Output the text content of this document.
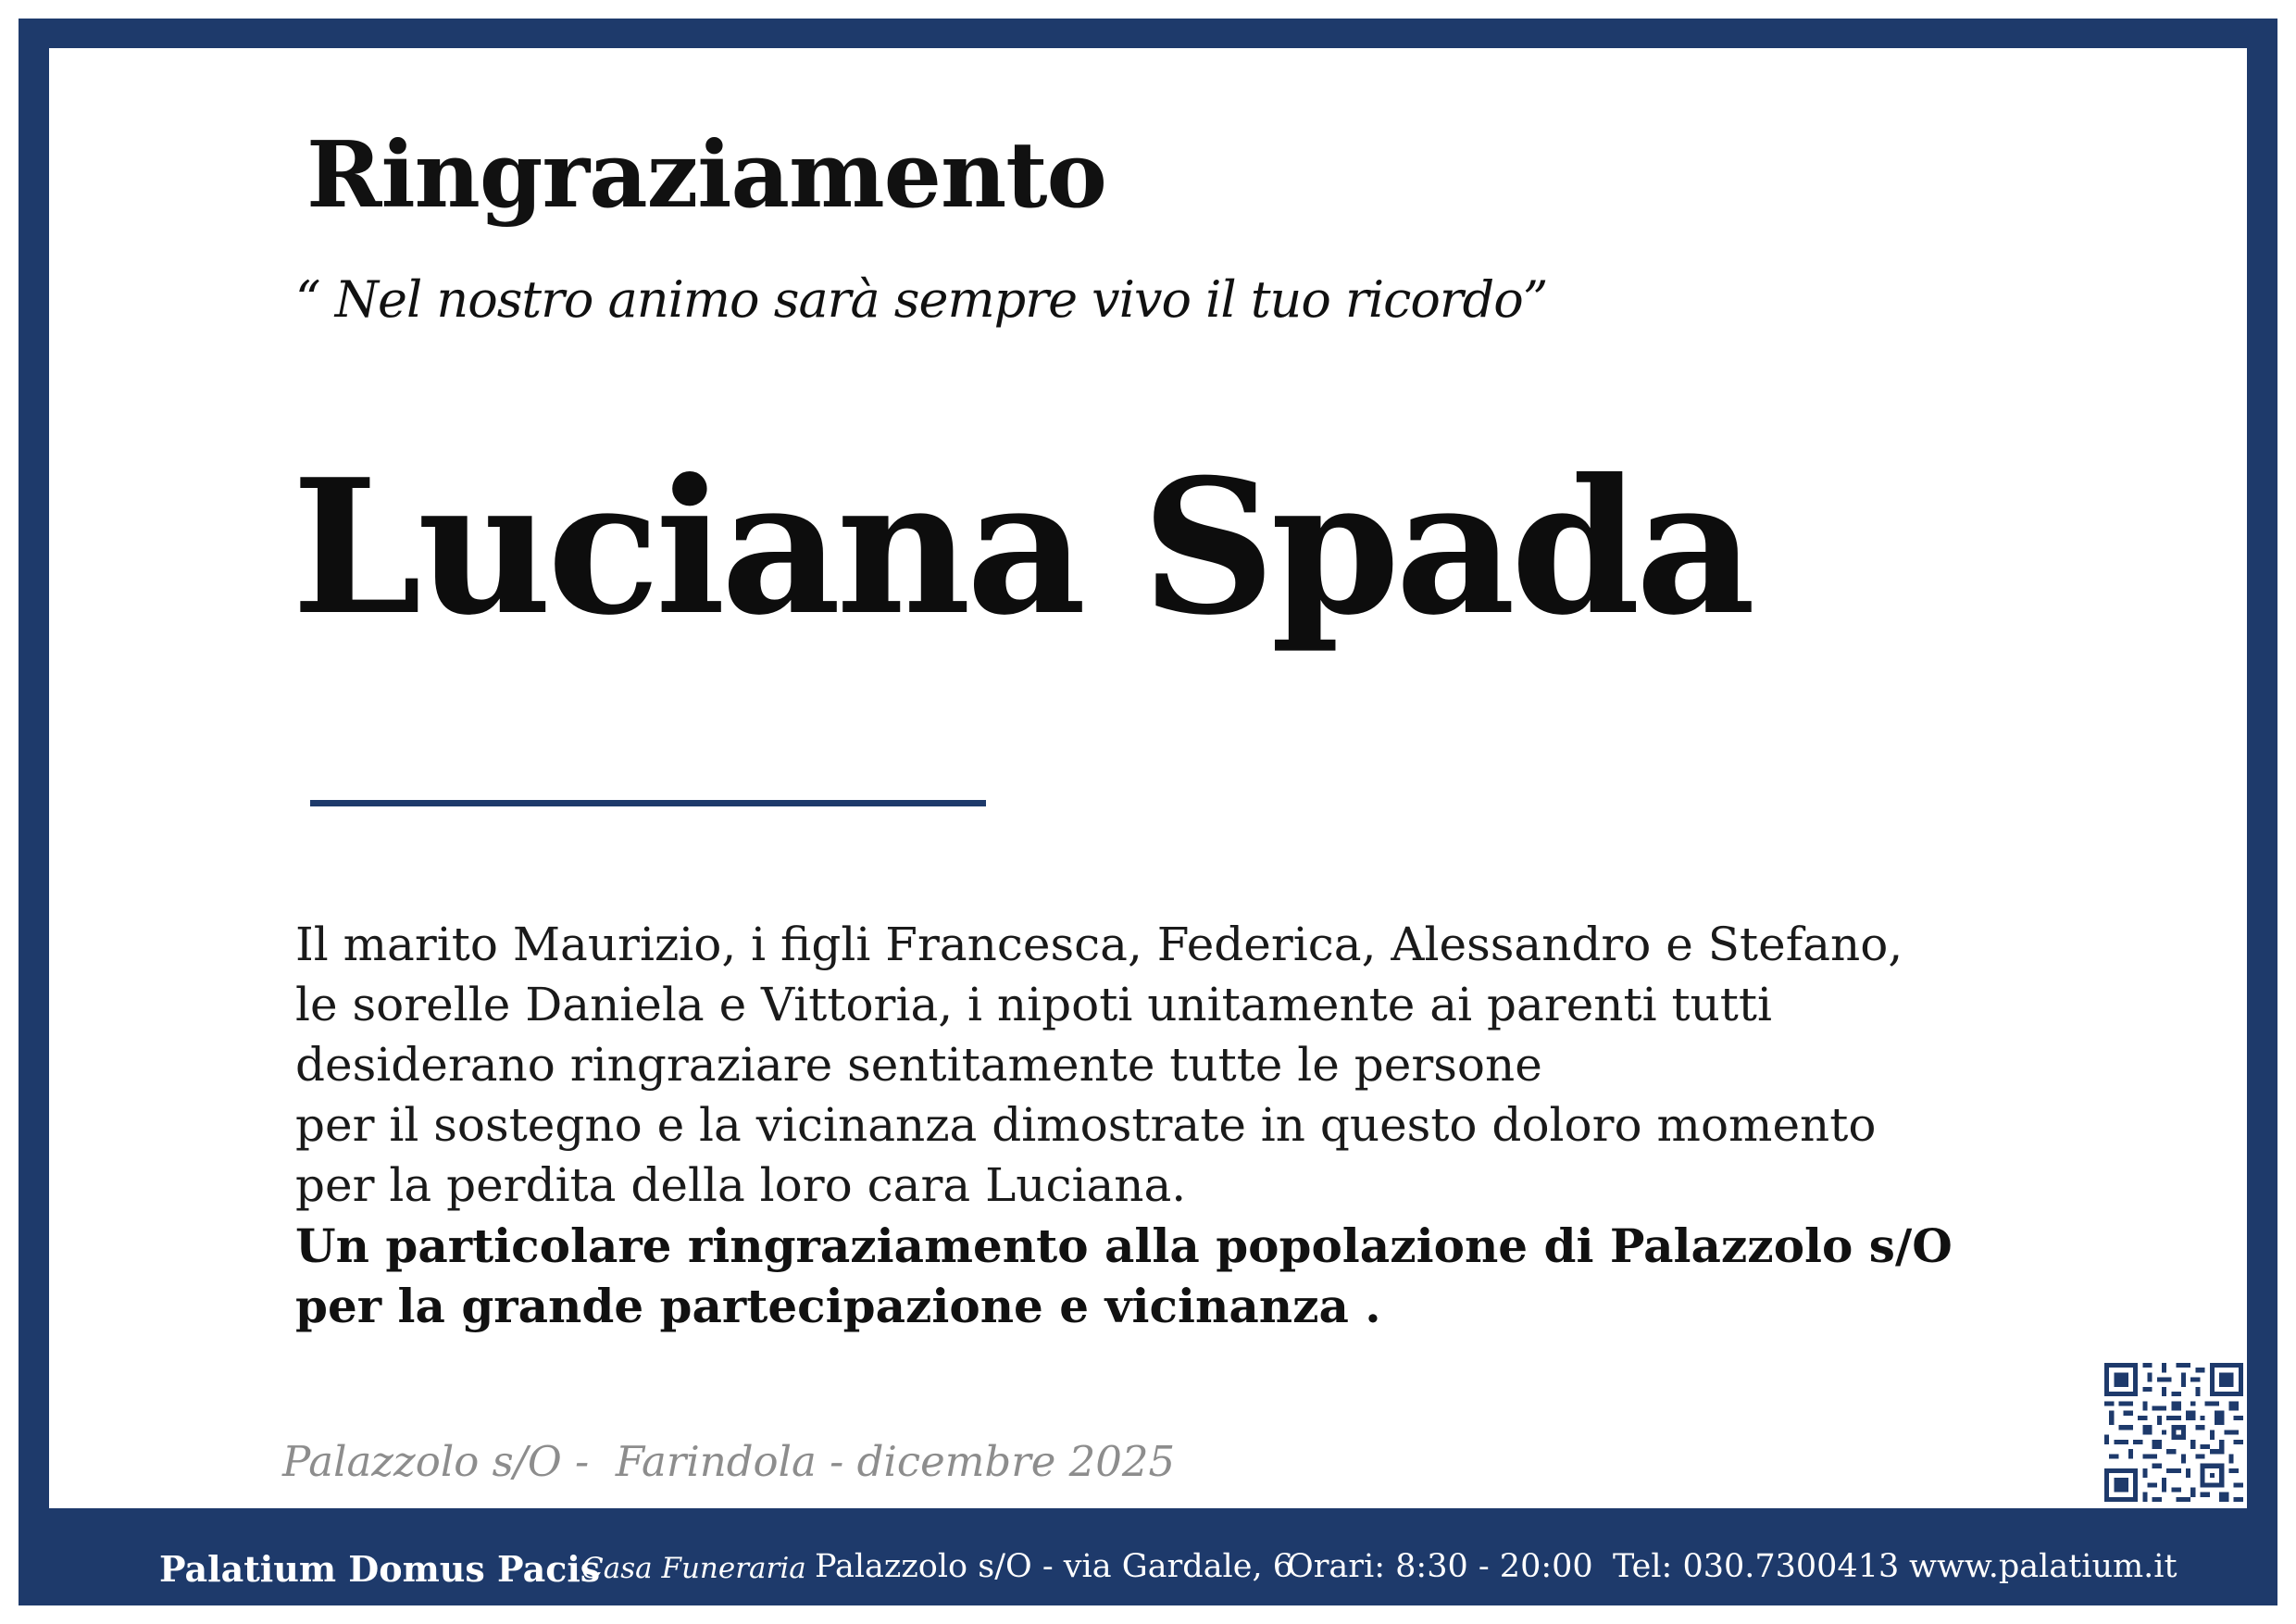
Ringraziamento
“ Nel nostro animo sarà sempre vivo il tuo ricordo”
Luciana Spada
Il marito Maurizio, i figli Francesca, Federica, Alessandro e Stefano,
le sorelle Daniela e Vittoria, i nipoti unitamente ai parenti tutti
desiderano ringraziare sentitamente tutte le persone
per il sostegno e la vicinanza dimostrate in questo doloro momento
per la perdita della loro cara Luciana.
Un particolare ringraziamento alla popolazione di Palazzolo s/O
per la grande partecipazione e vicinanza .
Palazzolo s/O -  Farindola - dicembre 2025
Palatium Domus Pacis
Casa Funeraria Palazzolo s/O - via Gardale, 6
Orari: 8:30 - 20:00 Tel: 030.7300413 www.palatium.it
